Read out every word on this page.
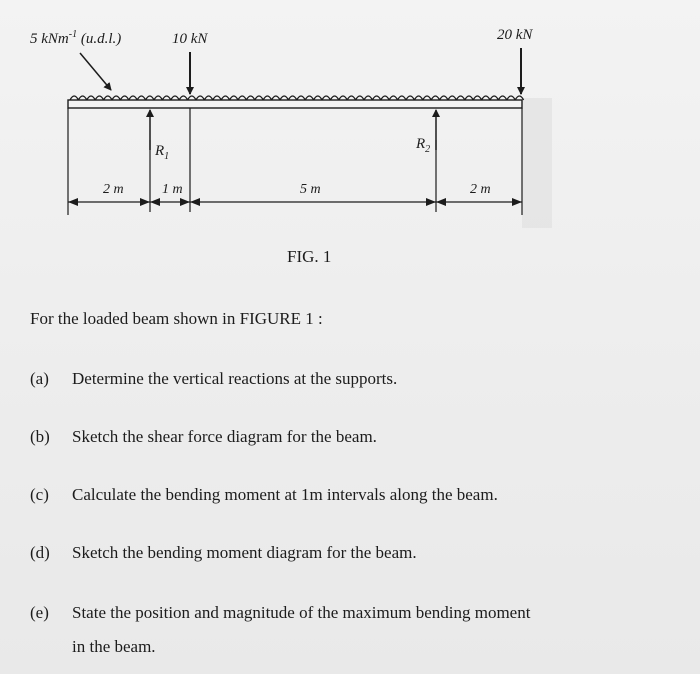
5 kNm$^{-1}$ (u.d.l.)	10 kN	20 kN
$R_1$
$R_2$
2 m	1 m	5 m	2 m
FIG. 1
For the loaded beam shown in FIGURE 1 :
(a) Determine the vertical reactions at the supports.
(b) Sketch the shear force diagram for the beam.
(c) Calculate the bending moment at 1m intervals along the beam.
(d) Sketch the bending moment diagram for the beam.
(e) State the position and magnitude of the maximum bending moment
in the beam.
